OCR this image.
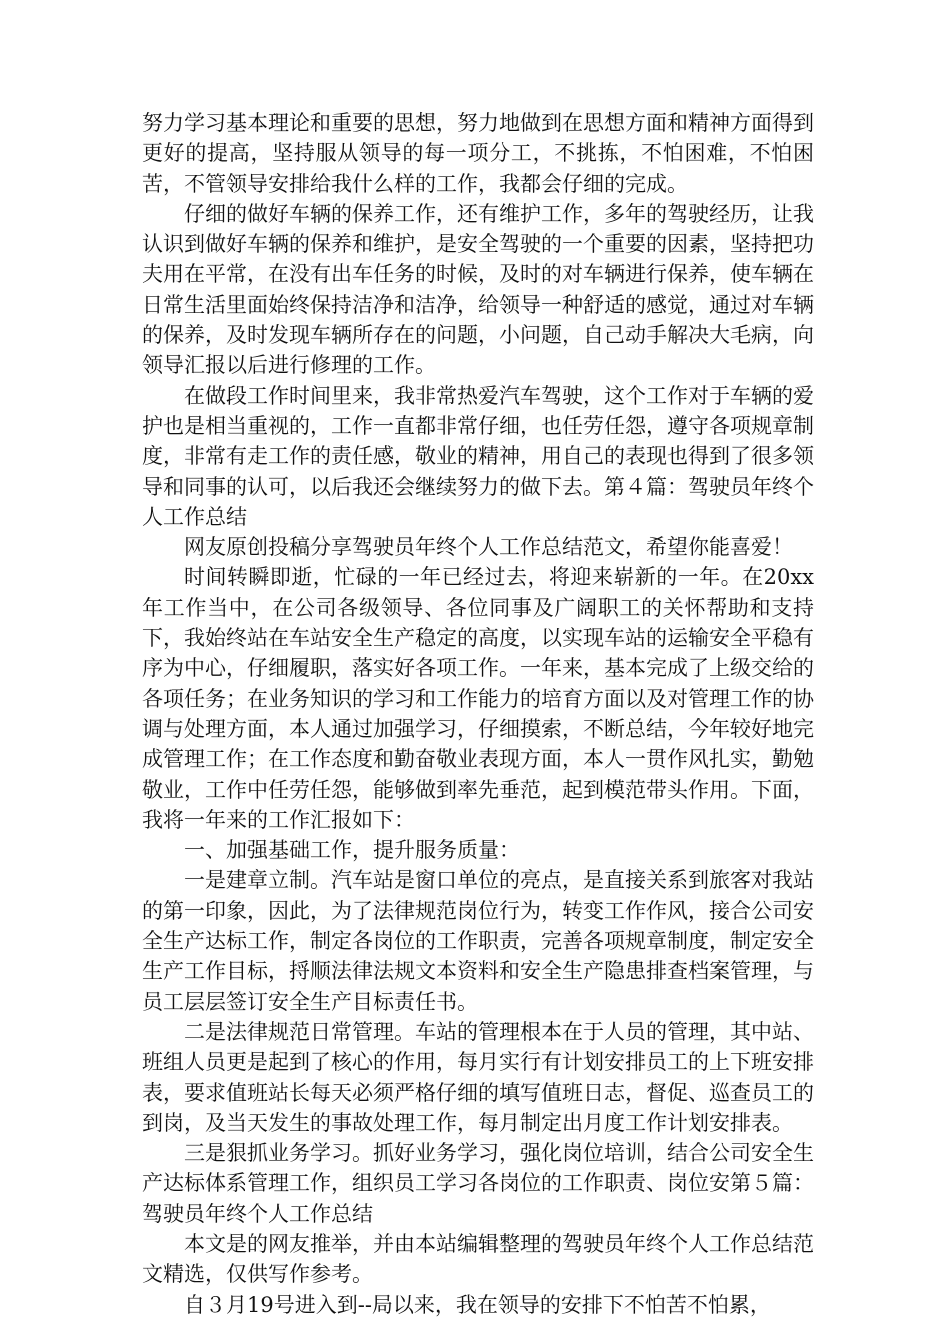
努力学习基本理论和重要的思想，努力地做到在思想方面和精神方面得到更好的提高，坚持服从领导的每一项分工，不挑拣，不怕困难，不怕困苦，不管领导安排给我什么样的工作，我都会仔细的完成。

仔细的做好车辆的保养工作，还有维护工作，多年的驾驶经历，让我认识到做好车辆的保养和维护，是安全驾驶的一个重要的因素，坚持把功夫用在平常，在没有出车任务的时候，及时的对车辆进行保养，使车辆在日常生活里面始终保持洁净和洁净，给领导一种舒适的感觉，通过对车辆的保养，及时发现车辆所存在的问题，小问题，自己动手解决大毛病，向领导汇报以后进行修理的工作。

在做段工作时间里来，我非常热爱汽车驾驶，这个工作对于车辆的爱护也是相当重视的，工作一直都非常仔细，也任劳任怨，遵守各项规章制度，非常有走工作的责任感，敬业的精神，用自己的表现也得到了很多领导和同事的认可，以后我还会继续努力的做下去。第４篇：驾驶员年终个人工作总结

网友原创投稿分享驾驶员年终个人工作总结范文，希望你能喜爱！

时间转瞬即逝，忙碌的一年已经过去，将迎来崭新的一年。在20xx年工作当中，在公司各级领导、各位同事及广阔职工的关怀帮助和支持下，我始终站在车站安全生产稳定的高度，以实现车站的运输安全平稳有序为中心，仔细履职，落实好各项工作。一年来，基本完成了上级交给的各项任务；在业务知识的学习和工作能力的培育方面以及对管理工作的协调与处理方面，本人通过加强学习，仔细摸索，不断总结，今年较好地完成管理工作；在工作态度和勤奋敬业表现方面，本人一贯作风扎实，勤勉敬业，工作中任劳任怨，能够做到率先垂范，起到模范带头作用。下面，我将一年来的工作汇报如下：

一、加强基础工作，提升服务质量：

一是建章立制。汽车站是窗口单位的亮点，是直接关系到旅客对我站的第一印象，因此，为了法律规范岗位行为，转变工作作风，接合公司安全生产达标工作，制定各岗位的工作职责，完善各项规章制度，制定安全生产工作目标，捋顺法律法规文本资料和安全生产隐患排查档案管理，与员工层层签订安全生产目标责任书。

二是法律规范日常管理。车站的管理根本在于人员的管理，其中站、班组人员更是起到了核心的作用，每月实行有计划安排员工的上下班安排表，要求值班站长每天必须严格仔细的填写值班日志，督促、巡查员工的到岗，及当天发生的事故处理工作，每月制定出月度工作计划安排表。

三是狠抓业务学习。抓好业务学习，强化岗位培训，结合公司安全生产达标体系管理工作，组织员工学习各岗位的工作职责、岗位安第５篇：驾驶员年终个人工作总结

本文是的网友推举，并由本站编辑整理的驾驶员年终个人工作总结范文精选，仅供写作参考。

自３月19号进入到--局以来，我在领导的安排下不怕苦不怕累，
